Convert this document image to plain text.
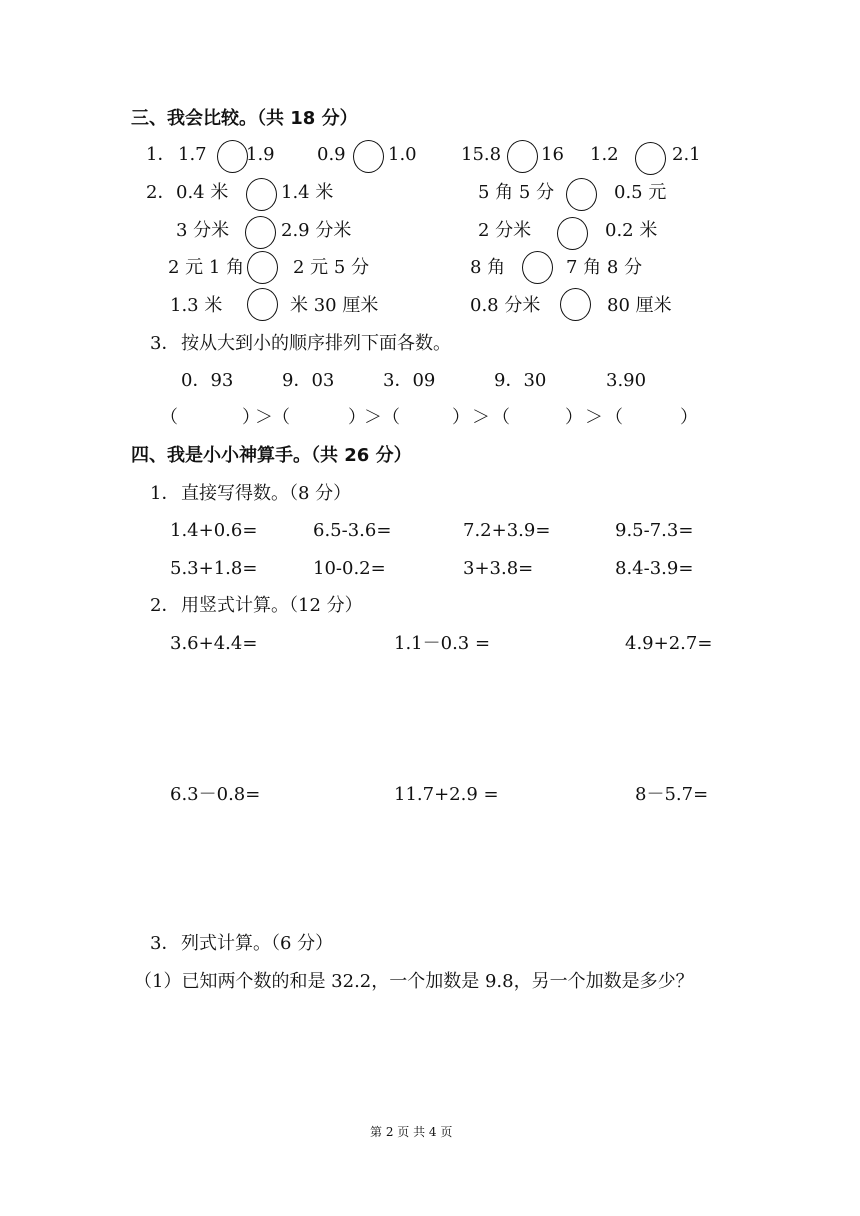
三、我会比较。（共 18 分）
1． 1.7 1.9 0.9 1.0 15.8 16 1.2	2.1
2． 0.4 米	1.4 米	5 角 5 分	0.5 元
3 分米	2.9 分米	2 分米	0.2 米
2 元 1 角	2 元 5 分	8 角	7 角 8 分
1.3 米	米 30 厘米	0.8 分米	80 厘米
3． 按从大到小的顺序排列下面各数。
0．93	9．03	3．09	9．30	3.90
（	）
＞ （	）
＞ （	） ＞ （	） ＞ （	）
四、我是小小神算手。（共 26 分）
1． 直接写得数。（8 分）
1.4+0.6=	6.5-3.6=	7.2+3.9=	9.5-7.3=
5.3+1.8=	10-0.2=	3+3.8=	8.4-3.9=
2． 用竖式计算。（12 分）
3.6+4.4=	1.1－0.3 =	4.9+2.7=
6.3－0.8=	11.7+2.9 =	8－5.7=
3． 列式计算。（6 分）
（1）已知两个数的和是 32.2，一个加数是 9.8，另一个加数是多少？
第 2 页 共 4 页
